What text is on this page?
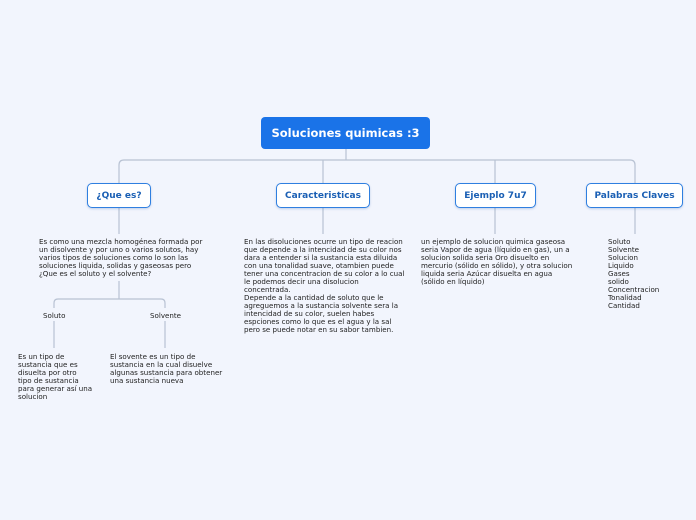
Soluciones quimicas :3
¿Que es?	Caracteristicas	Ejemplo 7u7	Palabras Claves
Es como una mezcla homogénea formada por
un disolvente y por uno o varios solutos, hay
varios tipos de soluciones como lo son las
soluciones liquida, solidas y gaseosas pero
¿Que es el soluto y el solvente?
En las disoluciones ocurre un tipo de reacion
que depende a la intencidad de su color nos
dara a entender si la sustancia esta diluida
con una tonalidad suave, otambien puede
tener una concentracion de su color a lo cual
le podemos decir una disolucion
concentrada.
Depende a la cantidad de soluto que le
agreguemos a la sustancia solvente sera la
intencidad de su color, suelen habes
espciones como lo que es el agua y la sal
pero se puede notar en su sabor tambien.
un ejemplo de solucion quimica gaseosa
seria Vapor de agua (líquido en gas), un a
solucion solida seria Oro disuelto en
mercurio (sólido en sólido), y otra solucion
liquida seria Azúcar disuelta en agua
(sólido en líquido)
Soluto
Solvente
Solucion
Liquido
Gases
solido
Concentracion
Tonalidad
Cantidad
Soluto	Solvente
Es un tipo de
sustancia que es
disuelta por otro
tipo de sustancia
para generar así una
solucion
El sovente es un tipo de
sustancia en la cual disuelve
algunas sustancia para obtener
una sustancia nueva
